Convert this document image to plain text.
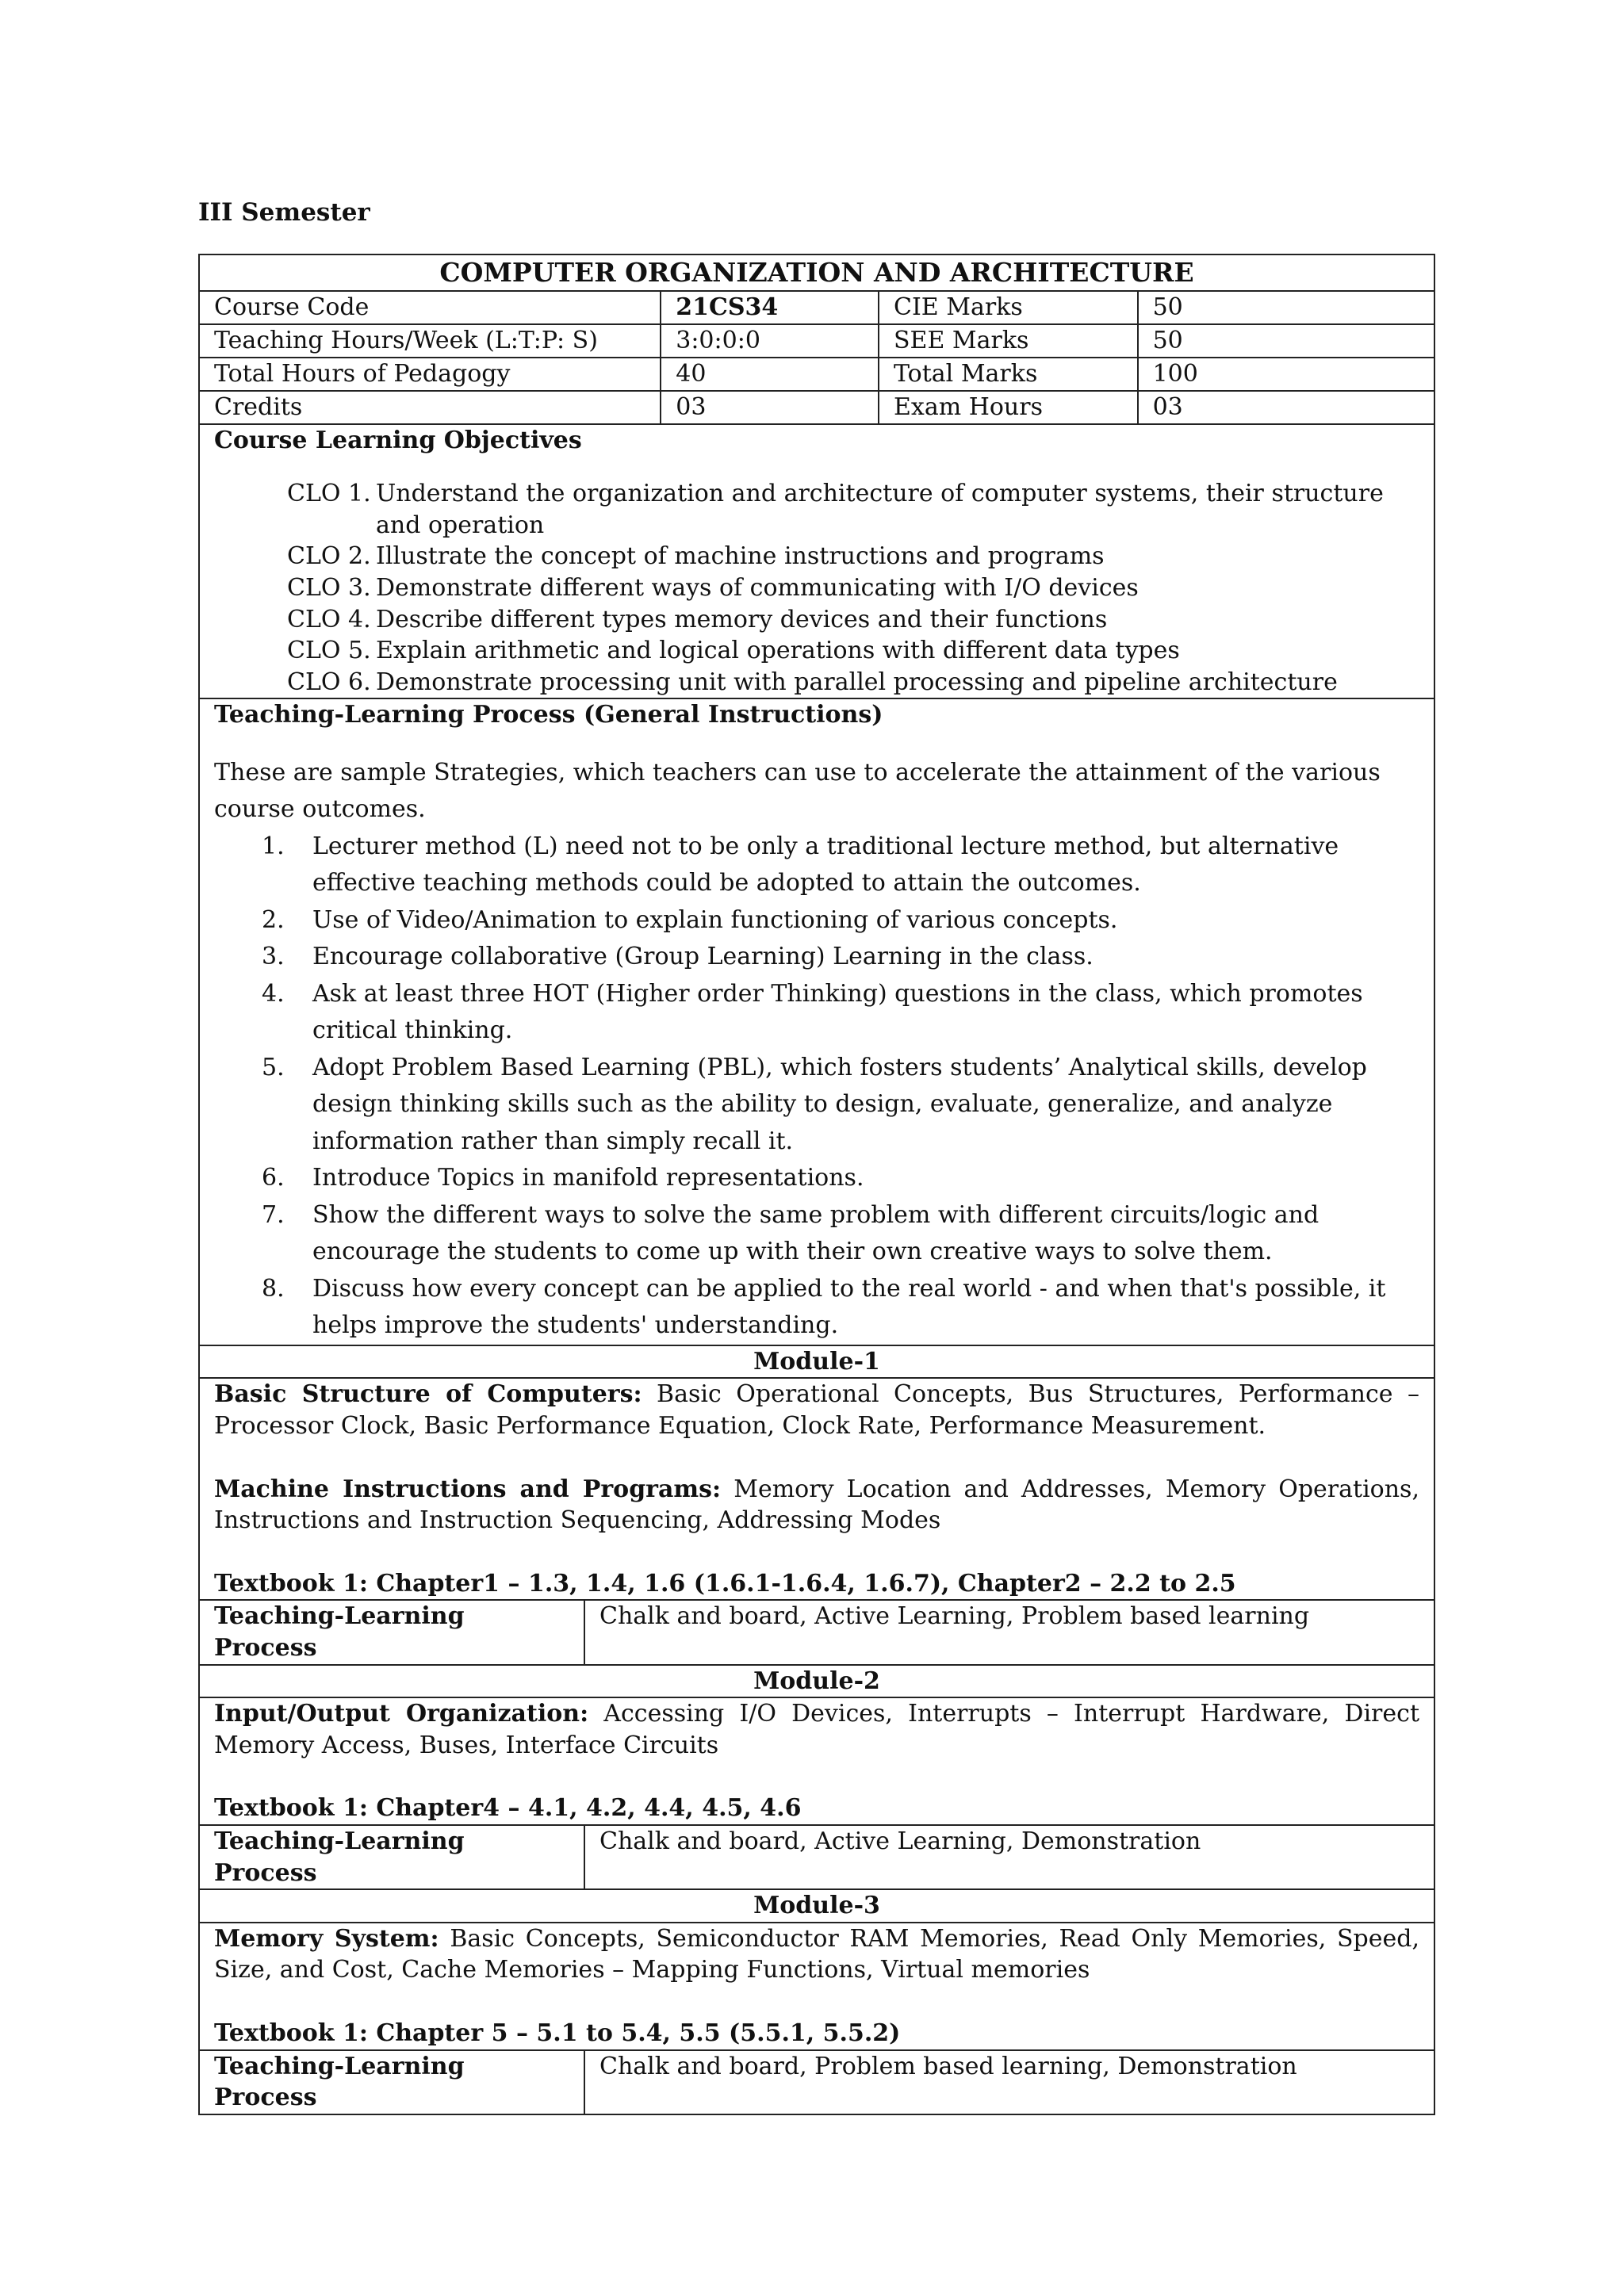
III Semester

COMPUTER ORGANIZATION AND ARCHITECTURE
Course Code	21CS34	CIE Marks	50
Teaching Hours/Week (L:T:P: S)	3:0:0:0	SEE Marks	50
Total Hours of Pedagogy	40	Total Marks	100
Credits	03	Exam Hours	03

Course Learning Objectives
CLO 1. Understand the organization and architecture of computer systems, their structure and operation
CLO 2. Illustrate the concept of machine instructions and programs
CLO 3. Demonstrate different ways of communicating with I/O devices
CLO 4. Describe different types memory devices and their functions
CLO 5. Explain arithmetic and logical operations with different data types
CLO 6. Demonstrate processing unit with parallel processing and pipeline architecture

Teaching-Learning Process (General Instructions)

These are sample Strategies, which teachers can use to accelerate the attainment of the various course outcomes.

1.	Lecturer method (L) need not to be only a traditional lecture method, but alternative effective teaching methods could be adopted to attain the outcomes.
2.	Use of Video/Animation to explain functioning of various concepts.
3.	Encourage collaborative (Group Learning) Learning in the class.
4.	Ask at least three HOT (Higher order Thinking) questions in the class, which promotes critical thinking.
5.	Adopt Problem Based Learning (PBL), which fosters students’ Analytical skills, develop design thinking skills such as the ability to design, evaluate, generalize, and analyze information rather than simply recall it.
6.	Introduce Topics in manifold representations.
7.	Show the different ways to solve the same problem with different circuits/logic and encourage the students to come up with their own creative ways to solve them.
8.	Discuss how every concept can be applied to the real world - and when that's possible, it helps improve the students' understanding.

Module-1

Basic Structure of Computers: Basic Operational Concepts, Bus Structures, Performance – Processor Clock, Basic Performance Equation, Clock Rate, Performance Measurement.

Machine Instructions and Programs: Memory Location and Addresses, Memory Operations, Instructions and Instruction Sequencing, Addressing Modes

Textbook 1: Chapter1 – 1.3, 1.4, 1.6 (1.6.1-1.6.4, 1.6.7), Chapter2 – 2.2 to 2.5

Teaching-Learning Process	Chalk and board, Active Learning, Problem based learning

Module-2

Input/Output Organization: Accessing I/O Devices, Interrupts – Interrupt Hardware, Direct Memory Access, Buses, Interface Circuits

Textbook 1: Chapter4 – 4.1, 4.2, 4.4, 4.5, 4.6

Teaching-Learning Process	Chalk and board, Active Learning, Demonstration

Module-3

Memory System: Basic Concepts, Semiconductor RAM Memories, Read Only Memories, Speed, Size, and Cost, Cache Memories – Mapping Functions, Virtual memories

Textbook 1: Chapter 5 – 5.1 to 5.4, 5.5 (5.5.1, 5.5.2)

Teaching-Learning Process	Chalk and board, Problem based learning, Demonstration
